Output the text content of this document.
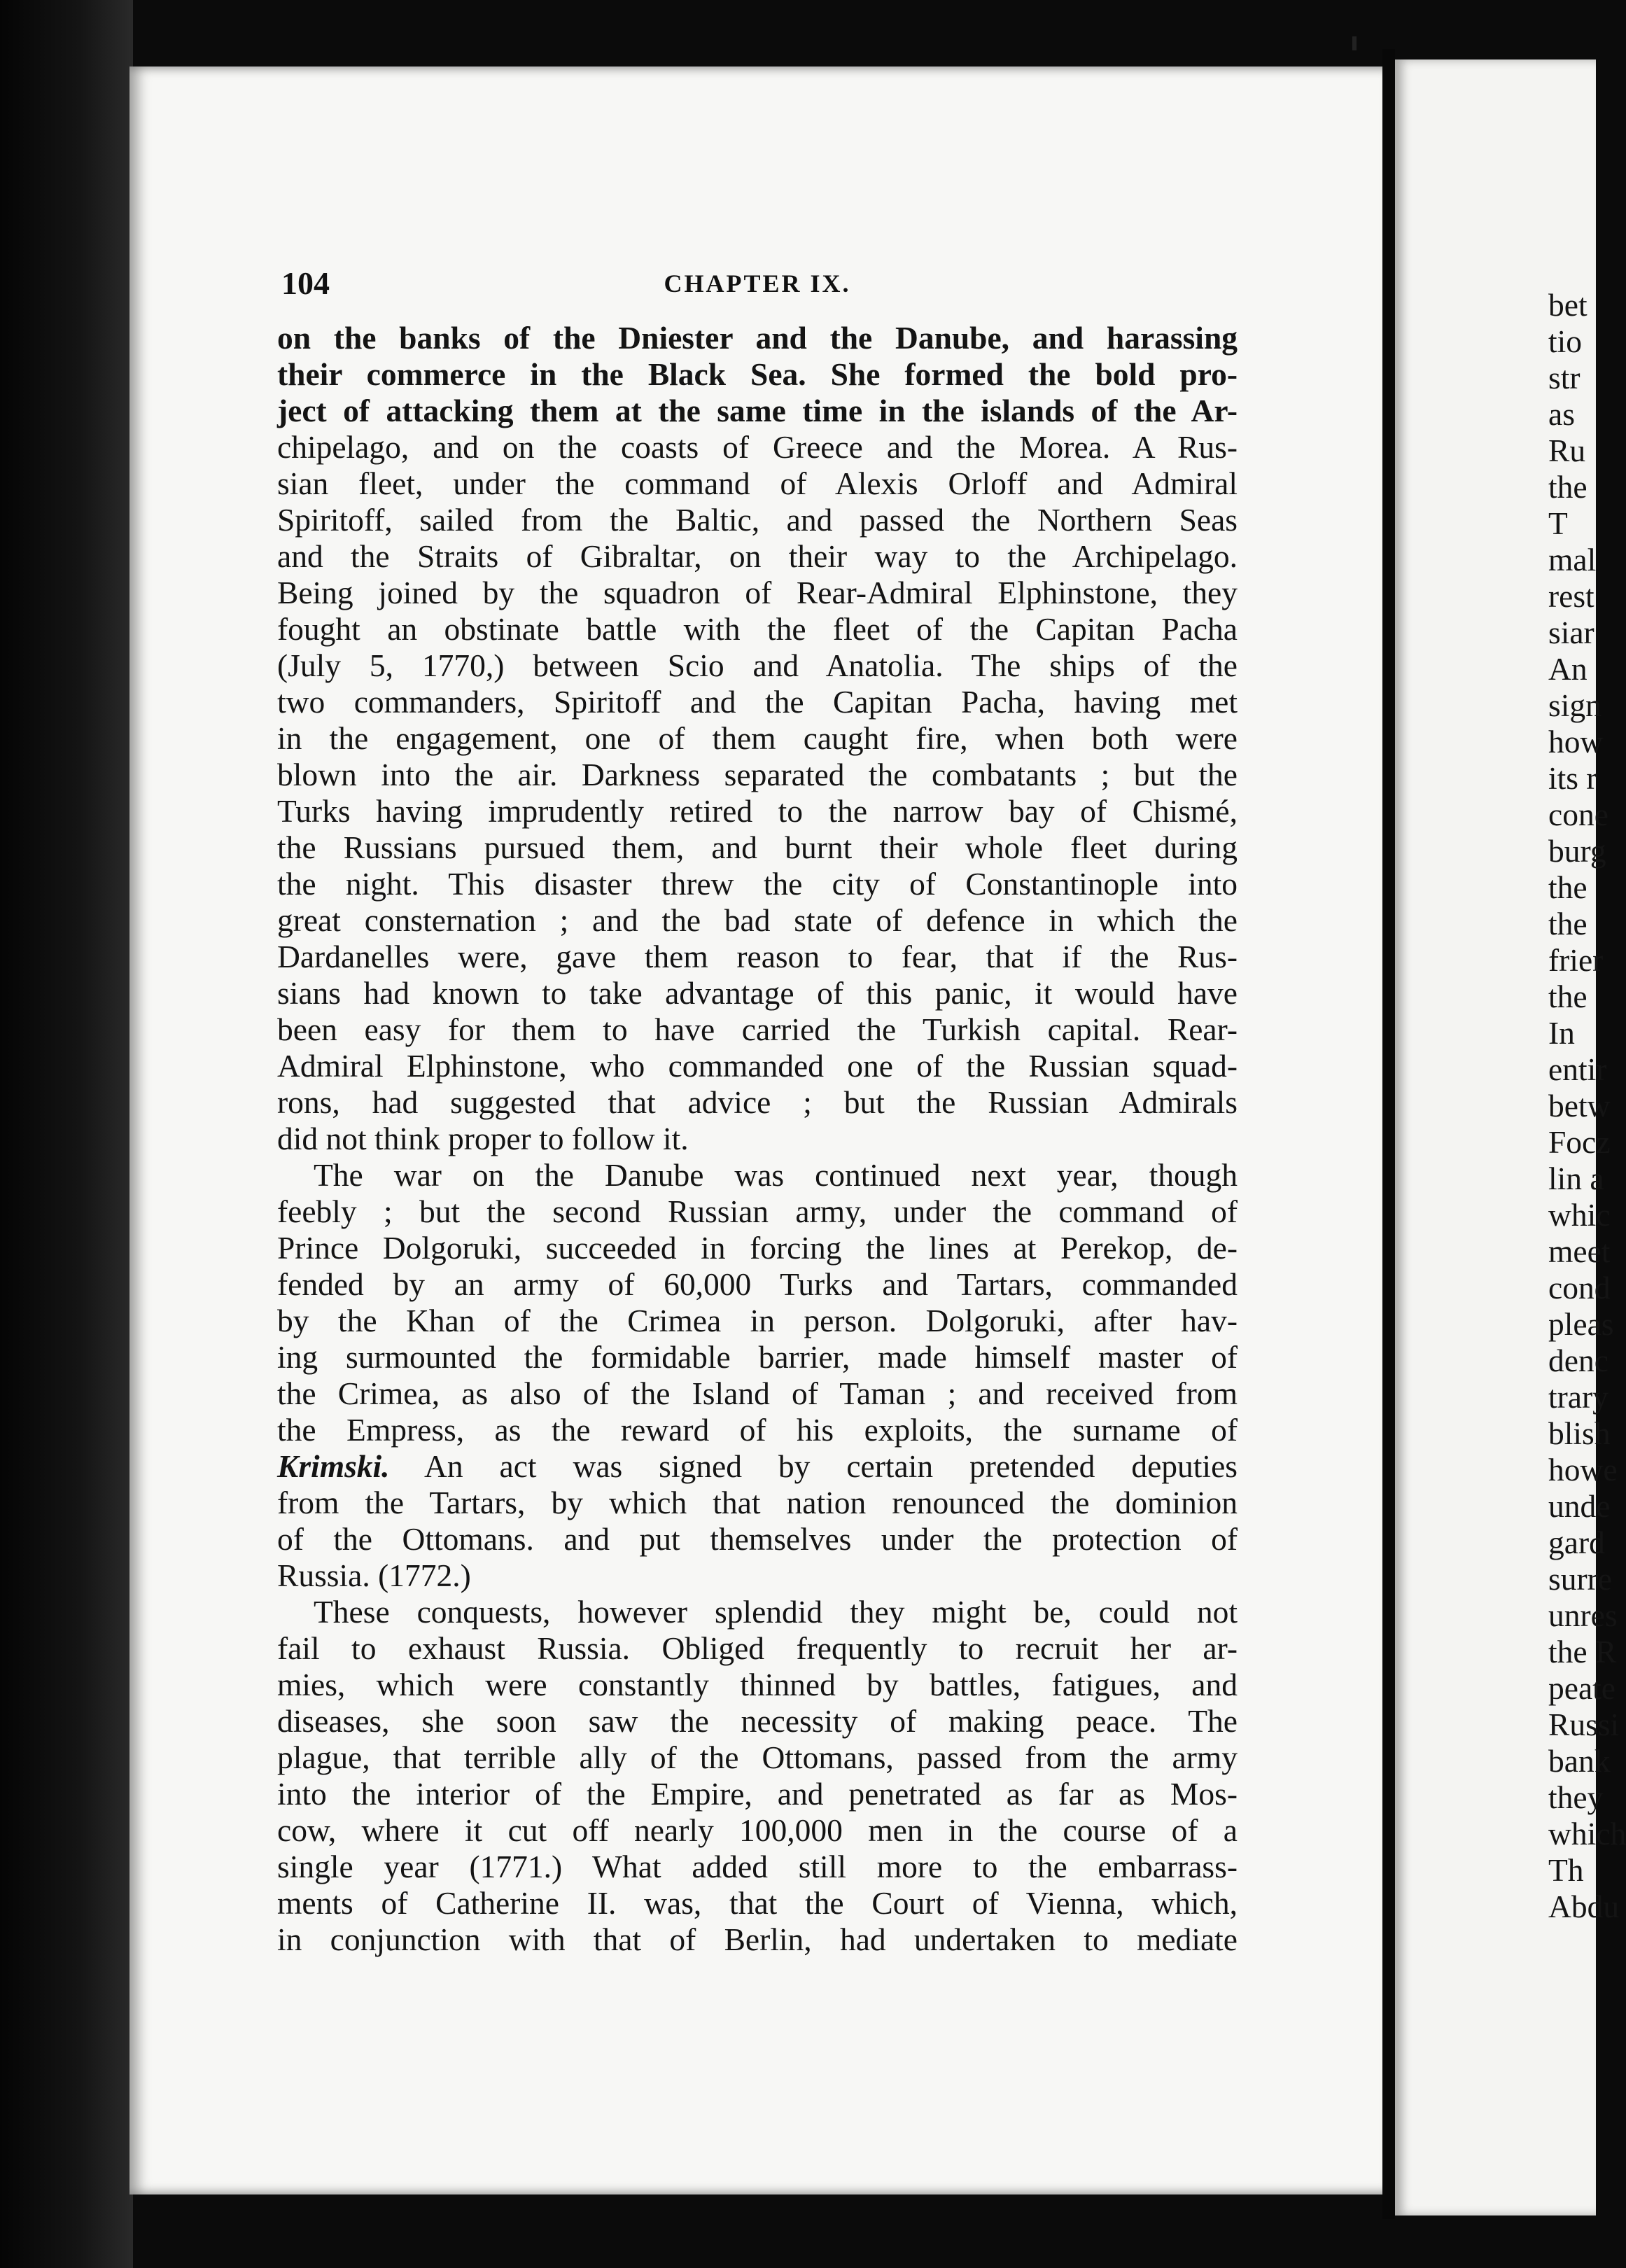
104	CHAPTER IX.
on the banks of the Dniester and the Danube, and harassing
their commerce in the Black Sea. She formed the bold pro-
ject of attacking them at the same time in the islands of the Ar-
chipelago, and on the coasts of Greece and the Morea. A Rus-
sian fleet, under the command of Alexis Orloff and Admiral
Spiritoff, sailed from the Baltic, and passed the Northern Seas
and the Straits of Gibraltar, on their way to the Archipelago.
Being joined by the squadron of Rear-Admiral Elphinstone, they
fought an obstinate battle with the fleet of the Capitan Pacha
(July 5, 1770,) between Scio and Anatolia. The ships of the
two commanders, Spiritoff and the Capitan Pacha, having met
in the engagement, one of them caught fire, when both were
blown into the air. Darkness separated the combatants ; but the
Turks having imprudently retired to the narrow bay of Chismé,
the Russians pursued them, and burnt their whole fleet during
the night. This disaster threw the city of Constantinople into
great consternation ; and the bad state of defence in which the
Dardanelles were, gave them reason to fear, that if the Rus-
sians had known to take advantage of this panic, it would have
been easy for them to have carried the Turkish capital. Rear-
Admiral Elphinstone, who commanded one of the Russian squad-
rons, had suggested that advice ; but the Russian Admirals
did not think proper to follow it.
The war on the Danube was continued next year, though
feebly ; but the second Russian army, under the command of
Prince Dolgoruki, succeeded in forcing the lines at Perekop, de-
fended by an army of 60,000 Turks and Tartars, commanded
by the Khan of the Crimea in person. Dolgoruki, after hav-
ing surmounted the formidable barrier, made himself master of
the Crimea, as also of the Island of Taman ; and received from
the Empress, as the reward of his exploits, the surname of
Krimski. An act was signed by certain pretended deputies
from the Tartars, by which that nation renounced the dominion
of the Ottomans. and put themselves under the protection of
Russia. (1772.)
These conquests, however splendid they might be, could not
fail to exhaust Russia. Obliged frequently to recruit her ar-
mies, which were constantly thinned by battles, fatigues, and
diseases, she soon saw the necessity of making peace. The
plague, that terrible ally of the Ottomans, passed from the army
into the interior of the Empire, and penetrated as far as Mos-
cow, where it cut off nearly 100,000 men in the course of a
single year (1771.) What added still more to the embarrass-
ments of Catherine II. was, that the Court of Vienna, which,
in conjunction with that of Berlin, had undertaken to mediate
bet
tio
str
as
Ru
the
T
mal
rest
siar
An
sign
how
its r
cone
burg
the
the
frier
the
In
entir
betw
Focz
lin a
whic
meet
cond
pleas
denc
trary
blish
howe
unde
gard
surre
unres
the R
peate
Russi
bank
they
which
Th
Abdu
